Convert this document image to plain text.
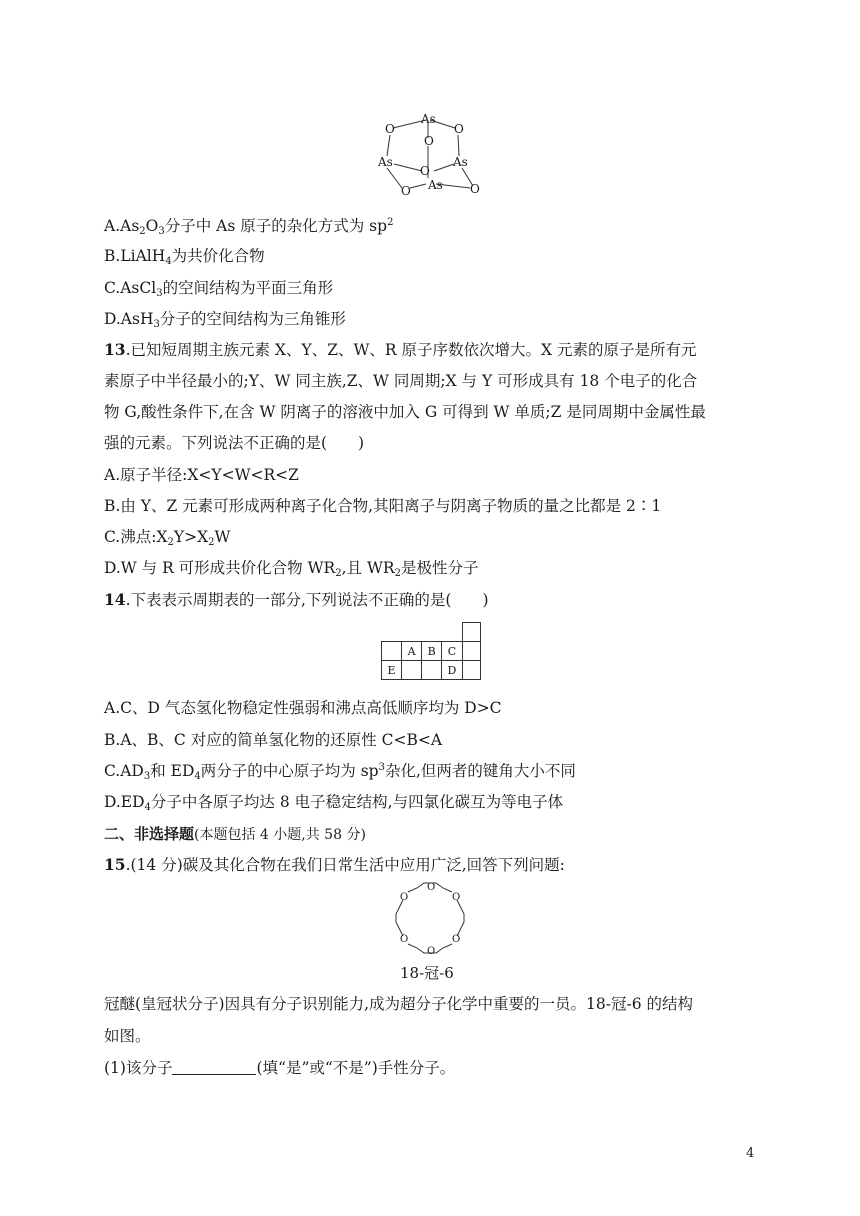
As
O	O
O
As
O
As
O As O
$A.As_2O_3$分子中 As 原子的杂化方式为 $sp^2$
B.LiAlH$_4$为共价化合物
C.AsCl$_3$的空间结构为平面三角形
D.AsH$_3$分子的空间结构为三角锥形
13.已知短周期主族元素 X、Y、Z、W、R 原子序数依次增大。X 元素的原子是所有元
素原子中半径最小的;Y、W 同主族,Z、W 同周期;X 与 Y 可形成具有 18 个电子的化合
物 G,酸性条件下,在含 W 阴离子的溶液中加入 G 可得到 W 单质;Z 是同周期中金属性最
强的元素。下列说法不正确的是(　　)
A.原子半径:X<Y<W<R<Z
B.由 Y、Z 元素可形成两种离子化合物,其阳离子与阴离子物质的量之比都是 2∶1
C.沸点$:X_2Y>X_2W$
D.W 与 R 可形成共价化合物 $WR_2$,且 $WR_2$是极性分子
14.下表表示周期表的一部分,下列说法不正确的是(　　)

	A	B	C	
E			D	
A.C、D 气态氢化物稳定性强弱和沸点高低顺序均为 D>C
B.A、B、C 对应的简单氢化物的还原性 C<B<A
$C.AD_3$和 $ED_4$两分子的中心原子均为 $sp^3$杂化,但两者的键角大小不同
$D.ED_4$分子中各原子均达 8 电子稳定结构,与四氯化碳互为等电子体
二、非选择题(本题包括 4 小题,共 58 分)
15.(14 分)碳及其化合物在我们日常生活中应用广泛,回答下列问题:
O
O
O
O
O
O
18-冠-6
冠醚(皇冠状分子)因具有分子识别能力,成为超分子化学中重要的一员。18-冠-6 的结构
如图。
(1)该分子	(填“是”或“不是”)手性分子。
4
